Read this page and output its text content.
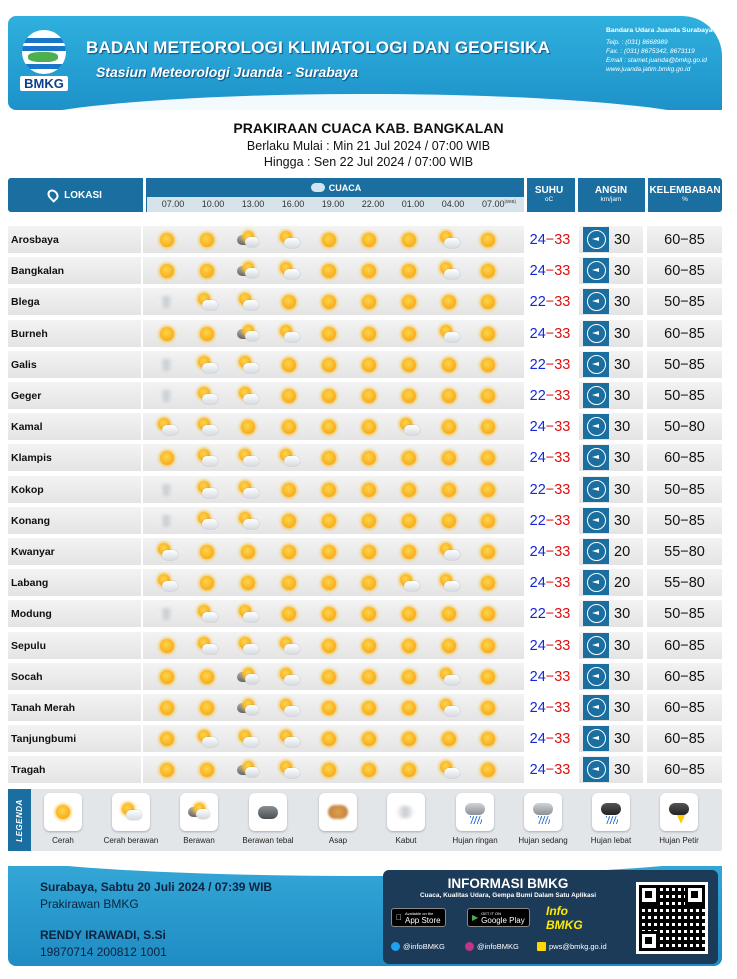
BMKG
BADAN METEOROLOGI KLIMATOLOGI DAN GEOFISIKA
Stasiun Meteorologi Juanda - Surabaya
Bandara Udara Juanda Surabaya
Telp. : (031) 8668989
Fax. : (031) 8675342, 8673119
Email : stamet.juanda@bmkg.go.id
www.juanda.jatim.bmkg.go.id
PRAKIRAAN CUACA KAB. BANGKALAN
Berlaku Mulai : Min 21 Jul 2024 / 07:00 WIB
Hingga : Sen 22 Jul 2024 / 07:00 WIB
LOKASI
CUACA
07.00 10.00 13.00 16.00 19.00 22.00 01.00 04.00 $07.00^{(WIB)}$
SUHU
oC
ANGIN
km/jam
KELEMBABAN
%
Arosbaya	24 − 33	30	60−85
Bangkalan	24 − 33	30	60−85
Blega	22 − 33	30	50−85
Burneh	24 − 33	30	60−85
Galis	22 − 33	30	50−85
Geger	22 − 33	30	50−85
Kamal	24 − 33	30	50−80
Klampis	24 − 33	30	60−85
Kokop	22 − 33	30	50−85
Konang	22 − 33	30	50−85
Kwanyar	24 − 33	20	55−80
Labang	24 − 33	20	55−80
Modung	22 − 33	30	50−85
Sepulu	24 − 33	30	60−85
Socah	24 − 33	30	60−85
Tanah Merah	24 − 33	30	60−85
Tanjungbumi	24 − 33	30	60−85
Tragah	24 − 33	30	60−85
LEGENDA	Cerah	Cerah berawan	Berawan	Berawan tebal	Asap	Kabut	Hujan ringan	Hujan sedang	Hujan lebat	Hujan Petir
Surabaya, Sabtu 20 Juli 2024 / 07:39 WIB
Prakirawan BMKG
RENDY IRAWADI, S.Si
19870714 200812 1001
INFORMASI BMKG
Cuaca, Kualitas Udara, Gempa Bumi Dalam Satu Aplikasi
Available on the
App Store	▶ GET IT ON
Google Play
Info BMKG
@infoBMKG	@infoBMKG	pws@bmkg.go.id
